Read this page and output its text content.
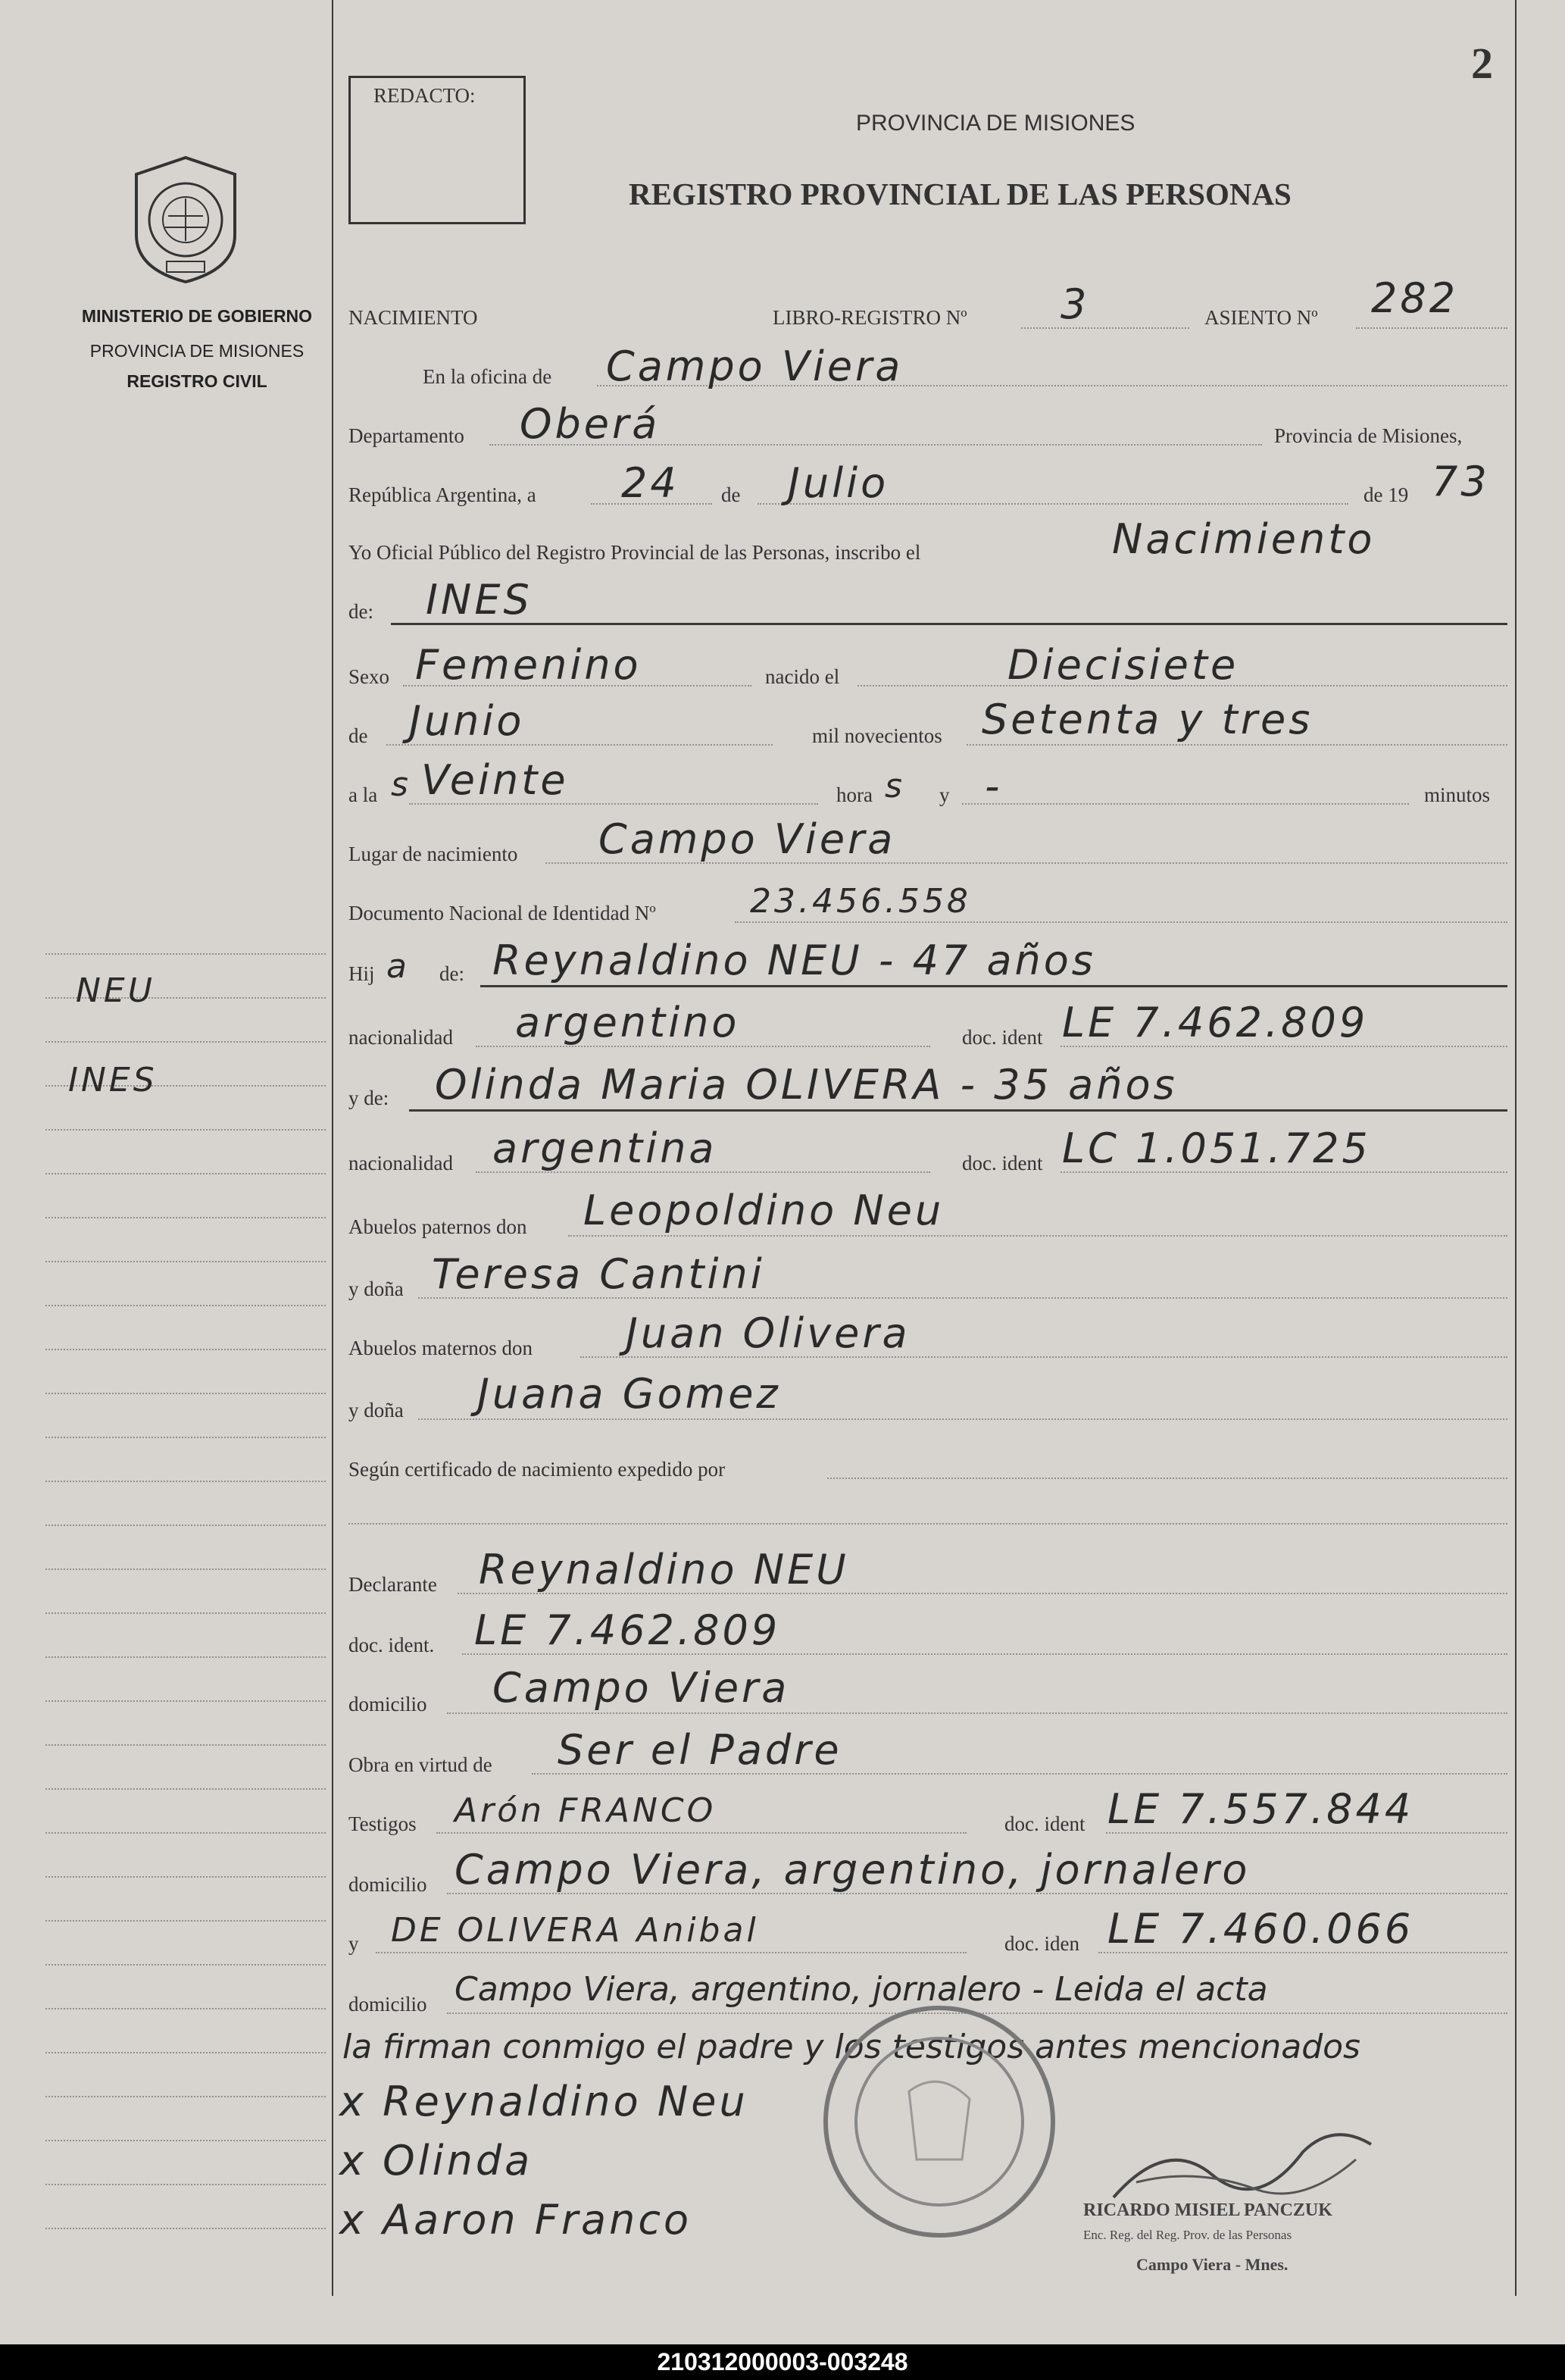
2
MINISTERIO DE GOBIERNO
PROVINCIA DE MISIONES
REGISTRO CIVIL
NEU
INES
REDACTO:
PROVINCIA DE MISIONES
REGISTRO PROVINCIAL DE LAS PERSONAS
NACIMIENTO	LIBRO-REGISTRO Nº 3	ASIENTO Nº 282
En la oficina de Campo Viera
Departamento Oberá	Provincia de Misiones,
República Argentina, a 24 de Julio	de 19 73
Yo Oficial Público del Registro Provincial de las Personas, inscribo el	Nacimiento
de: INES
Sexo Femenino	nacido el	Diecisiete
de Junio	mil novecientos Setenta y tres
a la s Veinte	hora s y -	minutos
Lugar de nacimiento Campo Viera
Documento Nacional de Identidad Nº	23.456.558
Hij a de: Reynaldino NEU - 47 años
nacionalidad argentino	doc. ident LE 7.462.809
y de: Olinda Maria OLIVERA - 35 años
nacionalidad argentina	doc. ident LC 1.051.725
Abuelos paternos don Leopoldino Neu
y doña Teresa Cantini
Abuelos maternos don Juan Olivera
y doña Juana Gomez
Según certificado de nacimiento expedido por
Declarante Reynaldino NEU
doc. ident. LE 7.462.809
domicilio Campo Viera
Obra en virtud de Ser el Padre
Testigos Arón FRANCO	doc. ident LE 7.557.844
domicilio Campo Viera, argentino, jornalero
y DE OLIVERA Anibal	doc. iden LE 7.460.066
domicilio Campo Viera, argentino, jornalero - Leida el acta
la firman conmigo el padre y los testigos antes mencionados
x Reynaldino Neu
x Olinda
x Aaron Franco	RICARDO MISIEL PANCZUK
Enc. Reg. del Reg. Prov. de las Personas
Campo Viera - Mnes.
210312000003-003248
